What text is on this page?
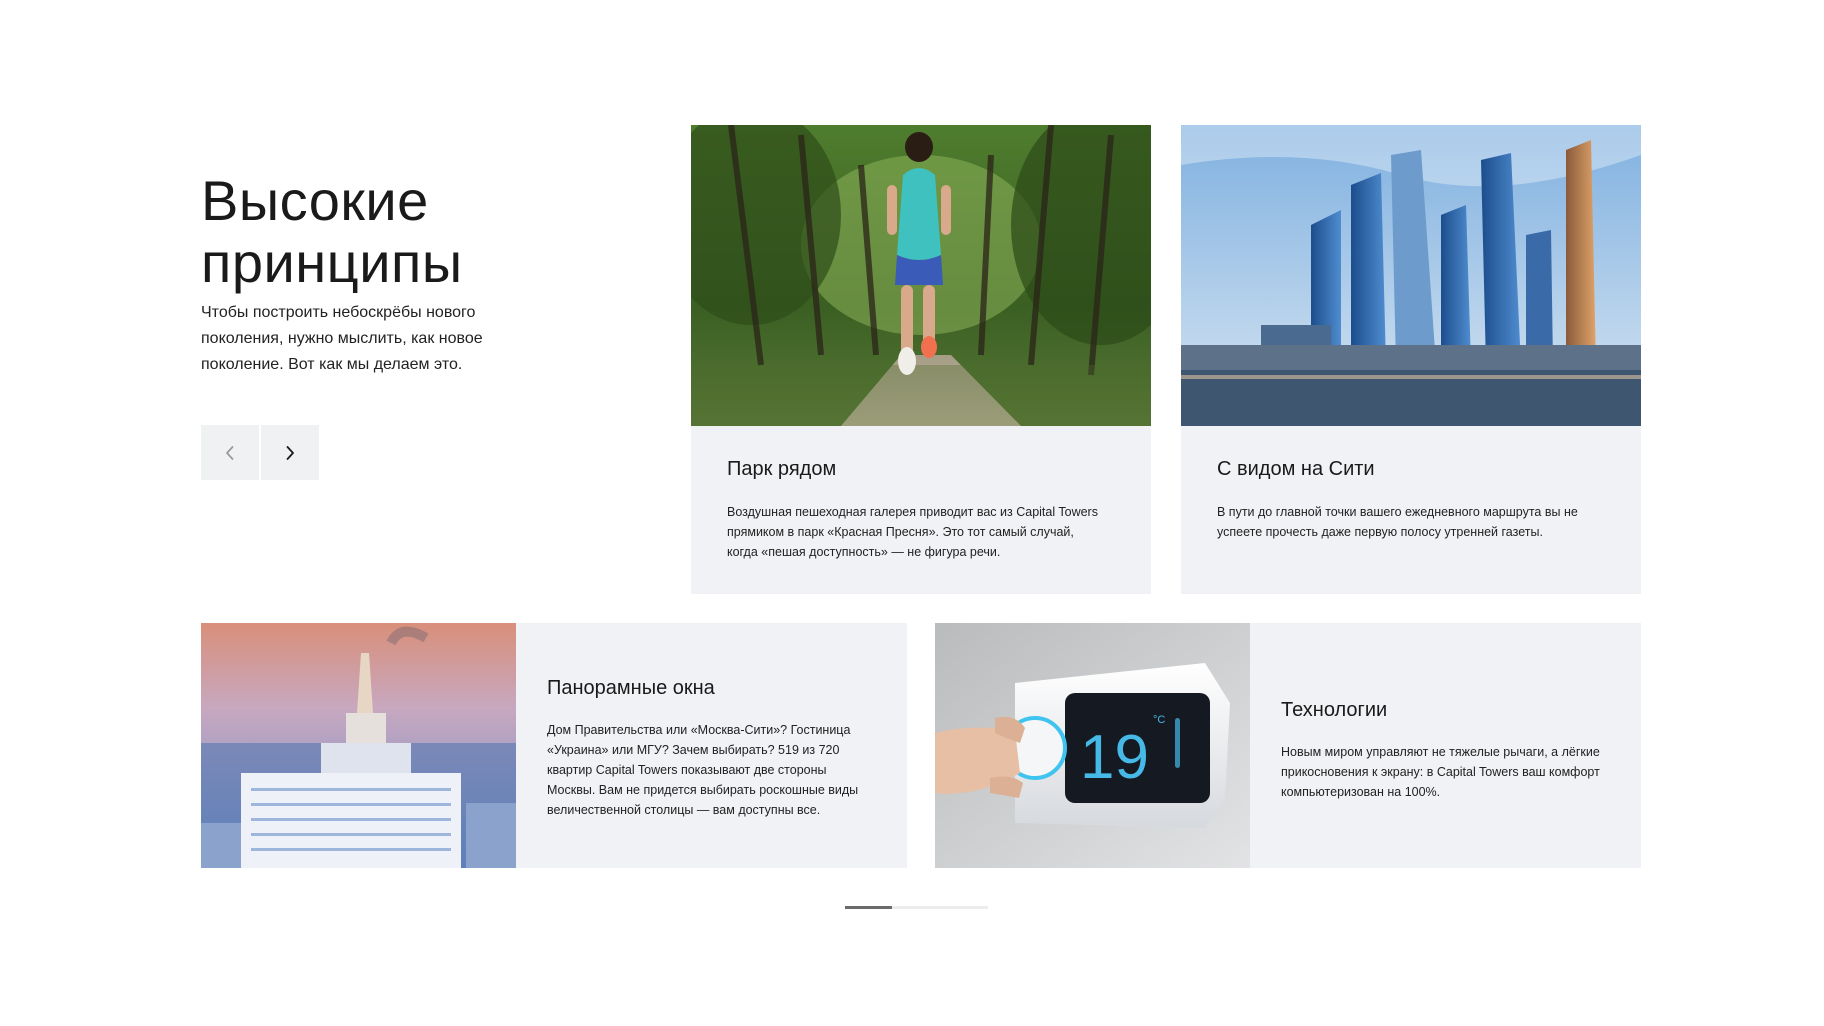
Высокие
принципы

Чтобы построить небоскрёбы нового поколения, нужно мыслить, как новое поколение. Вот как мы делаем это.

Парк рядом

Воздушная пешеходная галерея приводит вас из Capital Towers прямиком в парк «Красная Пресня». Это тот самый случай, когда «пешая доступность» — не фигура речи.

С видом на Сити

В пути до главной точки вашего ежедневного маршрута вы не успеете прочесть даже первую полосу утренней газеты.

Панорамные окна

Дом Правительства или «Москва-Сити»? Гостиница «Украина» или МГУ? Зачем выбирать? 519 из 720 квартир Capital Towers показывают две стороны Москвы. Вам не придется выбирать роскошные виды величественной столицы — вам доступны все.

19
°C	Технологии

Новым миром управляют не тяжелые рычаги, а лёгкие прикосновения к экрану: в Capital Towers ваш комфорт компьютеризован на 100%.
